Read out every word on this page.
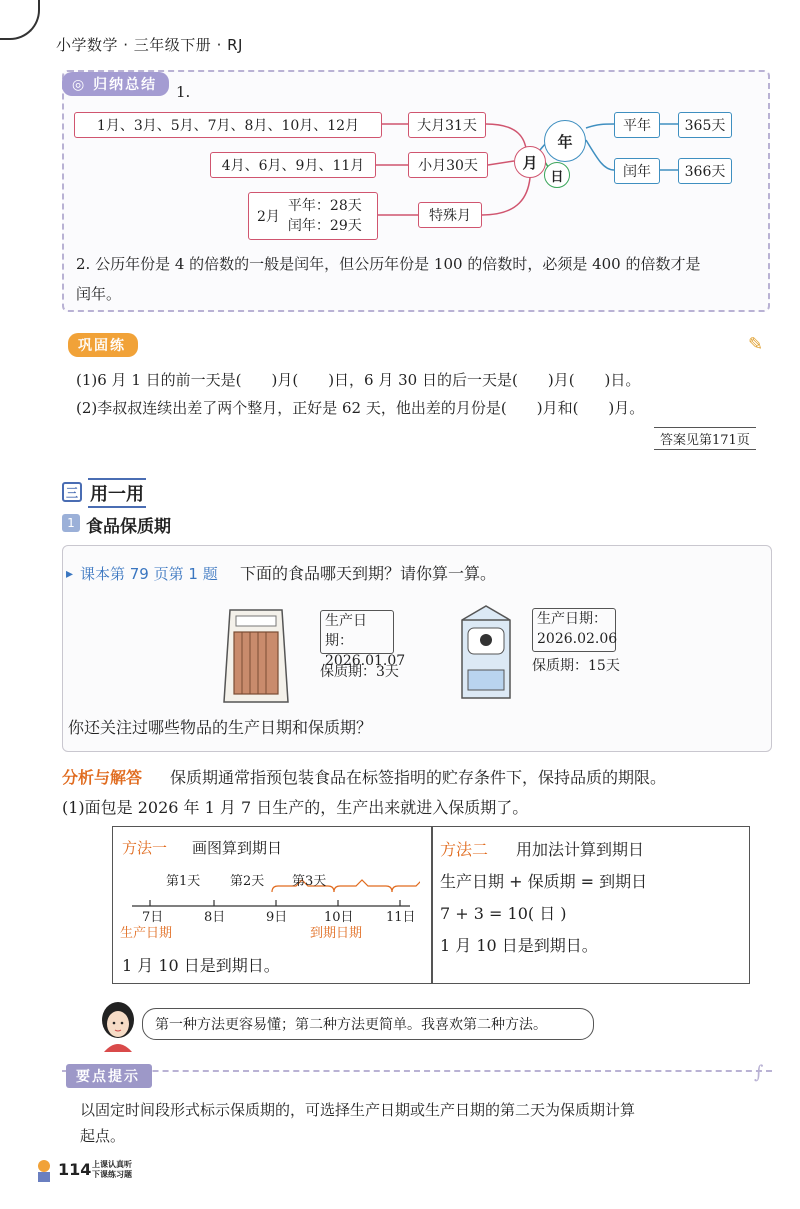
小学数学 · 三年级下册 · RJ
◎ 归纳总结	1.
1月、3月、5月、7月、8月、10月、12月	大月31天
4月、6月、9月、11月	小月30天
2月
平年：28天
闰年：29天
特殊月
月
年
日
平年	365天
闰年	366天
2. 公历年份是 4 的倍数的一般是闰年，但公历年份是 100 的倍数时，必须是 400 的倍数才是
闰年。
巩固练	✎
(1)6 月 1 日的前一天是(　　)月(　　)日，6 月 30 日的后一天是(　　)月(　　)日。
(2)李叔叔连续出差了两个整月，正好是 62 天，他出差的月份是(　　)月和(　　)月。
答案见第171页
三 用一用
1 食品保质期
▸ 课本第 79 页第 1 题 下面的食品哪天到期？请你算一算。
生产日期：
2026.01.07
保质期：3天
生产日期：
2026.02.06
保质期：15天
你还关注过哪些物品的生产日期和保质期？
分析与解答 保质期通常指预包装食品在标签指明的贮存条件下，保持品质的期限。
(1)面包是 2026 年 1 月 7 日生产的，生产出来就进入保质期了。
方法一 画图算到期日
第1天 第2天 第3天
7日	8日	9日	10日 11日
生产日期	到期日期
1 月 10 日是到期日。
方法二 用加法计算到期日
生产日期 + 保质期 = 到期日
7 + 3 = 10( 日 )
1 月 10 日是到期日。
第一种方法更容易懂；第二种方法更简单。我喜欢第二种方法。
要点提示	∫
以固定时间段形式标示保质期的，可选择生产日期或生产日期的第二天为保质期计算
起点。
114 上课认真听
下课练习题
